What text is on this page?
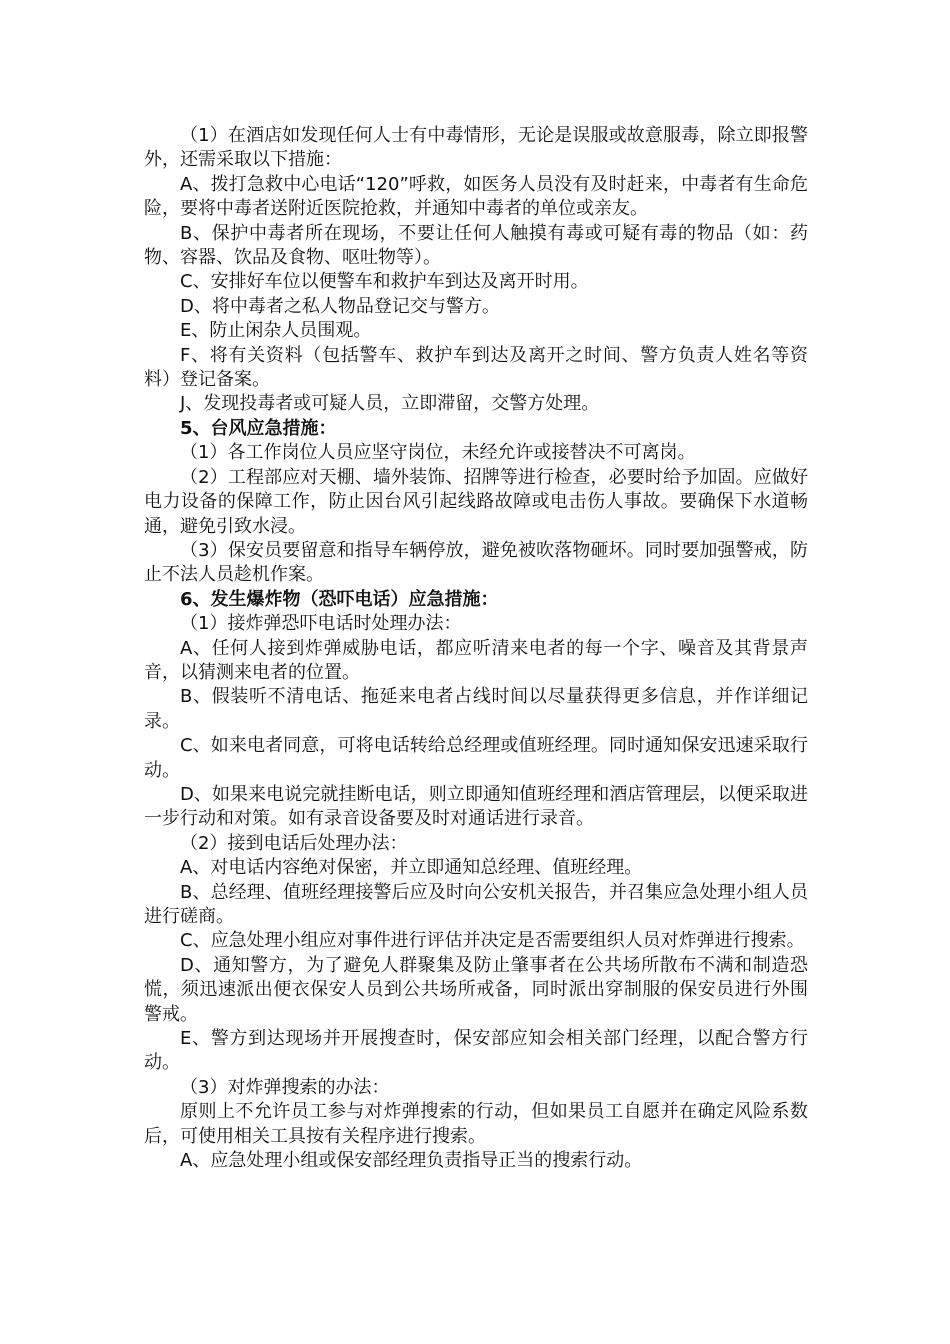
（1）在酒店如发现任何人士有中毒情形，无论是误服或故意服毒，除立即报警外，还需采取以下措施：

A、拨打急救中心电话“120”呼救，如医务人员没有及时赶来，中毒者有生命危险，要将中毒者送附近医院抢救，并通知中毒者的单位或亲友。

B、保护中毒者所在现场，不要让任何人触摸有毒或可疑有毒的物品（如：药物、容器、饮品及食物、呕吐物等）。

C、安排好车位以便警车和救护车到达及离开时用。

D、将中毒者之私人物品登记交与警方。

E、防止闲杂人员围观。

F、将有关资料（包括警车、救护车到达及离开之时间、警方负责人姓名等资料）登记备案。

J、发现投毒者或可疑人员，立即滞留，交警方处理。

5、台风应急措施：

（1）各工作岗位人员应坚守岗位，未经允许或接替决不可离岗。

（2）工程部应对天棚、墙外装饰、招牌等进行检查，必要时给予加固。应做好电力设备的保障工作，防止因台风引起线路故障或电击伤人事故。要确保下水道畅通，避免引致水浸。

（3）保安员要留意和指导车辆停放，避免被吹落物砸坏。同时要加强警戒，防止不法人员趁机作案。

6、发生爆炸物（恐吓电话）应急措施：

（1）接炸弹恐吓电话时处理办法：

A、任何人接到炸弹威胁电话，都应听清来电者的每一个字、噪音及其背景声音，以猜测来电者的位置。

B、假装听不清电话、拖延来电者占线时间以尽量获得更多信息，并作详细记录。

C、如来电者同意，可将电话转给总经理或值班经理。同时通知保安迅速采取行动。

D、如果来电说完就挂断电话，则立即通知值班经理和酒店管理层，以便采取进一步行动和对策。如有录音设备要及时对通话进行录音。

（2）接到电话后处理办法：

A、对电话内容绝对保密，并立即通知总经理、值班经理。

B、总经理、值班经理接警后应及时向公安机关报告，并召集应急处理小组人员进行磋商。

C、应急处理小组应对事件进行评估并决定是否需要组织人员对炸弹进行搜索。

D、通知警方，为了避免人群聚集及防止肇事者在公共场所散布不满和制造恐慌，须迅速派出便衣保安人员到公共场所戒备，同时派出穿制服的保安员进行外围警戒。

E、警方到达现场并开展搜查时，保安部应知会相关部门经理，以配合警方行动。

（3）对炸弹搜索的办法：

原则上不允许员工参与对炸弹搜索的行动，但如果员工自愿并在确定风险系数后，可使用相关工具按有关程序进行搜索。

A、应急处理小组或保安部经理负责指导正当的搜索行动。
